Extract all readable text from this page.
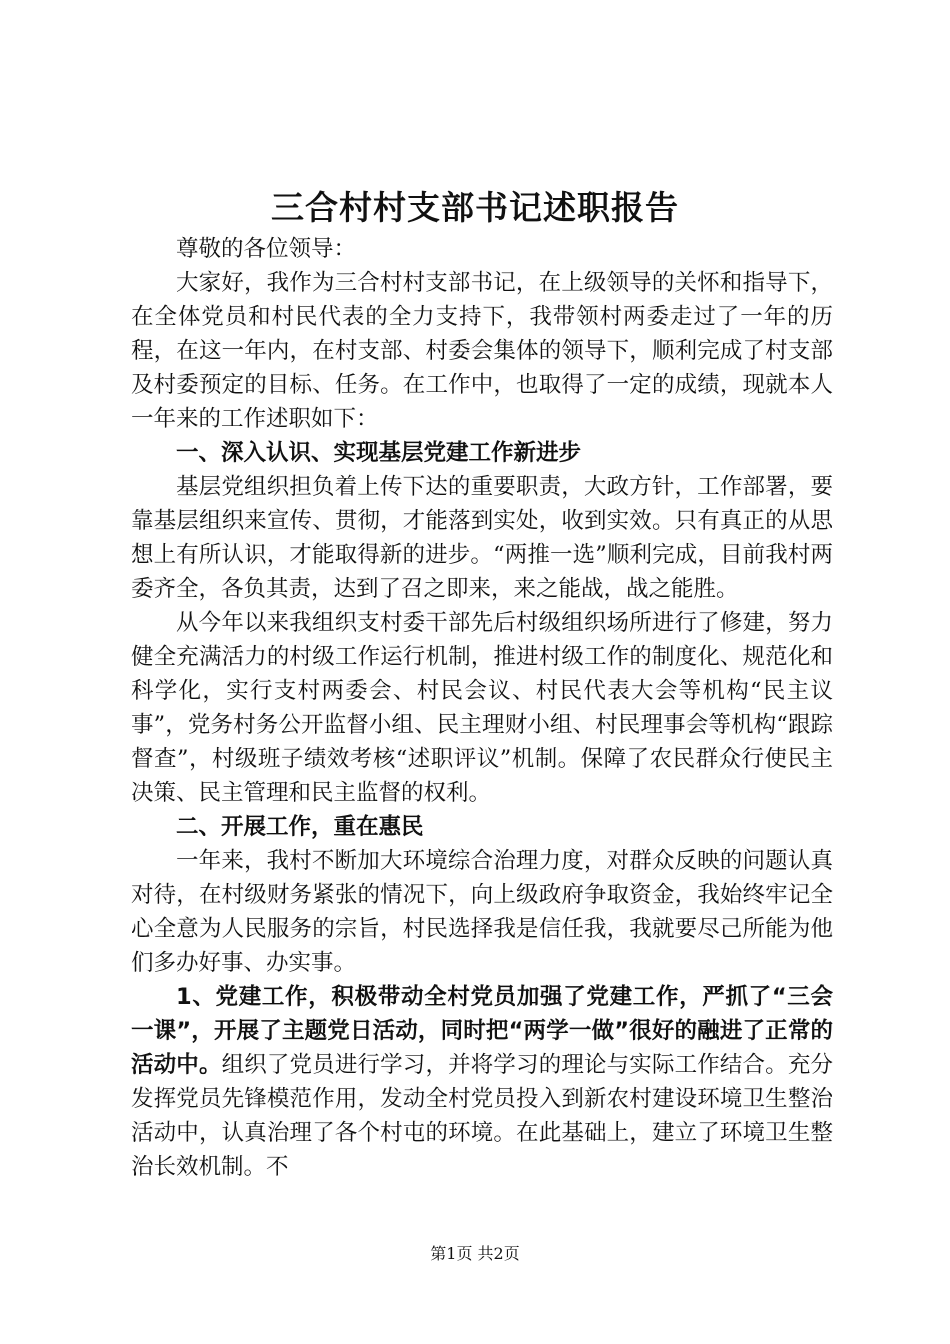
三合村村支部书记述职报告

尊敬的各位领导：

大家好，我作为三合村村支部书记，在上级领导的关怀和指导下，在全体党员和村民代表的全力支持下，我带领村两委走过了一年的历程，在这一年内，在村支部、村委会集体的领导下，顺利完成了村支部及村委预定的目标、任务。在工作中，也取得了一定的成绩，现就本人一年来的工作述职如下：

一、深入认识、实现基层党建工作新进步

基层党组织担负着上传下达的重要职责，大政方针，工作部署，要靠基层组织来宣传、贯彻，才能落到实处，收到实效。只有真正的从思想上有所认识，才能取得新的进步。“两推一选”顺利完成，目前我村两委齐全，各负其责，达到了召之即来，来之能战，战之能胜。

从今年以来我组织支村委干部先后村级组织场所进行了修建，努力健全充满活力的村级工作运行机制，推进村级工作的制度化、规范化和科学化，实行支村两委会、村民会议、村民代表大会等机构“民主议事”，党务村务公开监督小组、民主理财小组、村民理事会等机构“跟踪督查”，村级班子绩效考核“述职评议”机制。保障了农民群众行使民主决策、民主管理和民主监督的权利。

二、开展工作，重在惠民

一年来，我村不断加大环境综合治理力度，对群众反映的问题认真对待，在村级财务紧张的情况下，向上级政府争取资金，我始终牢记全心全意为人民服务的宗旨，村民选择我是信任我，我就要尽己所能为他们多办好事、办实事。

1、党建工作，积极带动全村党员加强了党建工作，严抓了“三会一课”，开展了主题党日活动，同时把“两学一做”很好的融进了正常的活动中。组织了党员进行学习，并将学习的理论与实际工作结合。充分发挥党员先锋模范作用，发动全村党员投入到新农村建设环境卫生整治活动中，认真治理了各个村屯的环境。在此基础上，建立了环境卫生整治长效机制。不

第1页 共2页
